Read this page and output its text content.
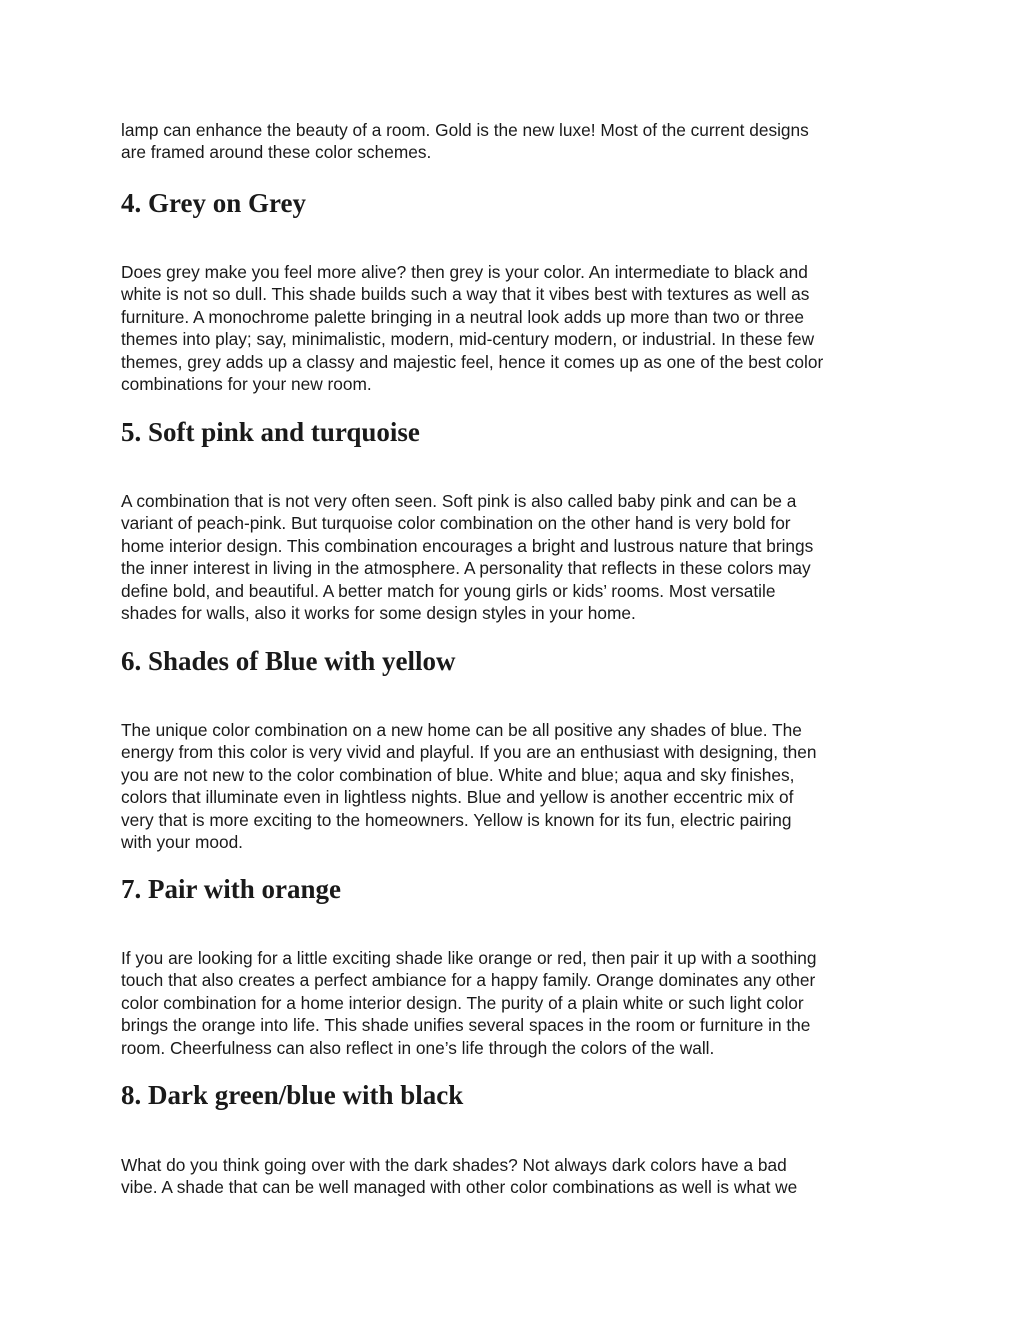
lamp can enhance the beauty of a room. Gold is the new luxe! Most of the current designs
are framed around these color schemes.

4. Grey on Grey

Does grey make you feel more alive? then grey is your color. An intermediate to black and
white is not so dull. This shade builds such a way that it vibes best with textures as well as
furniture. A monochrome palette bringing in a neutral look adds up more than two or three
themes into play; say, minimalistic, modern, mid-century modern, or industrial. In these few
themes, grey adds up a classy and majestic feel, hence it comes up as one of the best color
combinations for your new room.

5. Soft pink and turquoise

A combination that is not very often seen. Soft pink is also called baby pink and can be a
variant of peach-pink. But turquoise color combination on the other hand is very bold for
home interior design. This combination encourages a bright and lustrous nature that brings
the inner interest in living in the atmosphere. A personality that reflects in these colors may
define bold, and beautiful. A better match for young girls or kids’ rooms. Most versatile
shades for walls, also it works for some design styles in your home.

6. Shades of Blue with yellow

The unique color combination on a new home can be all positive any shades of blue. The
energy from this color is very vivid and playful. If you are an enthusiast with designing, then
you are not new to the color combination of blue. White and blue; aqua and sky finishes,
colors that illuminate even in lightless nights. Blue and yellow is another eccentric mix of
very that is more exciting to the homeowners. Yellow is known for its fun, electric pairing
with your mood.

7. Pair with orange

If you are looking for a little exciting shade like orange or red, then pair it up with a soothing
touch that also creates a perfect ambiance for a happy family. Orange dominates any other
color combination for a home interior design. The purity of a plain white or such light color
brings the orange into life. This shade unifies several spaces in the room or furniture in the
room. Cheerfulness can also reflect in one’s life through the colors of the wall.

8. Dark green/blue with black

What do you think going over with the dark shades? Not always dark colors have a bad
vibe. A shade that can be well managed with other color combinations as well is what we
